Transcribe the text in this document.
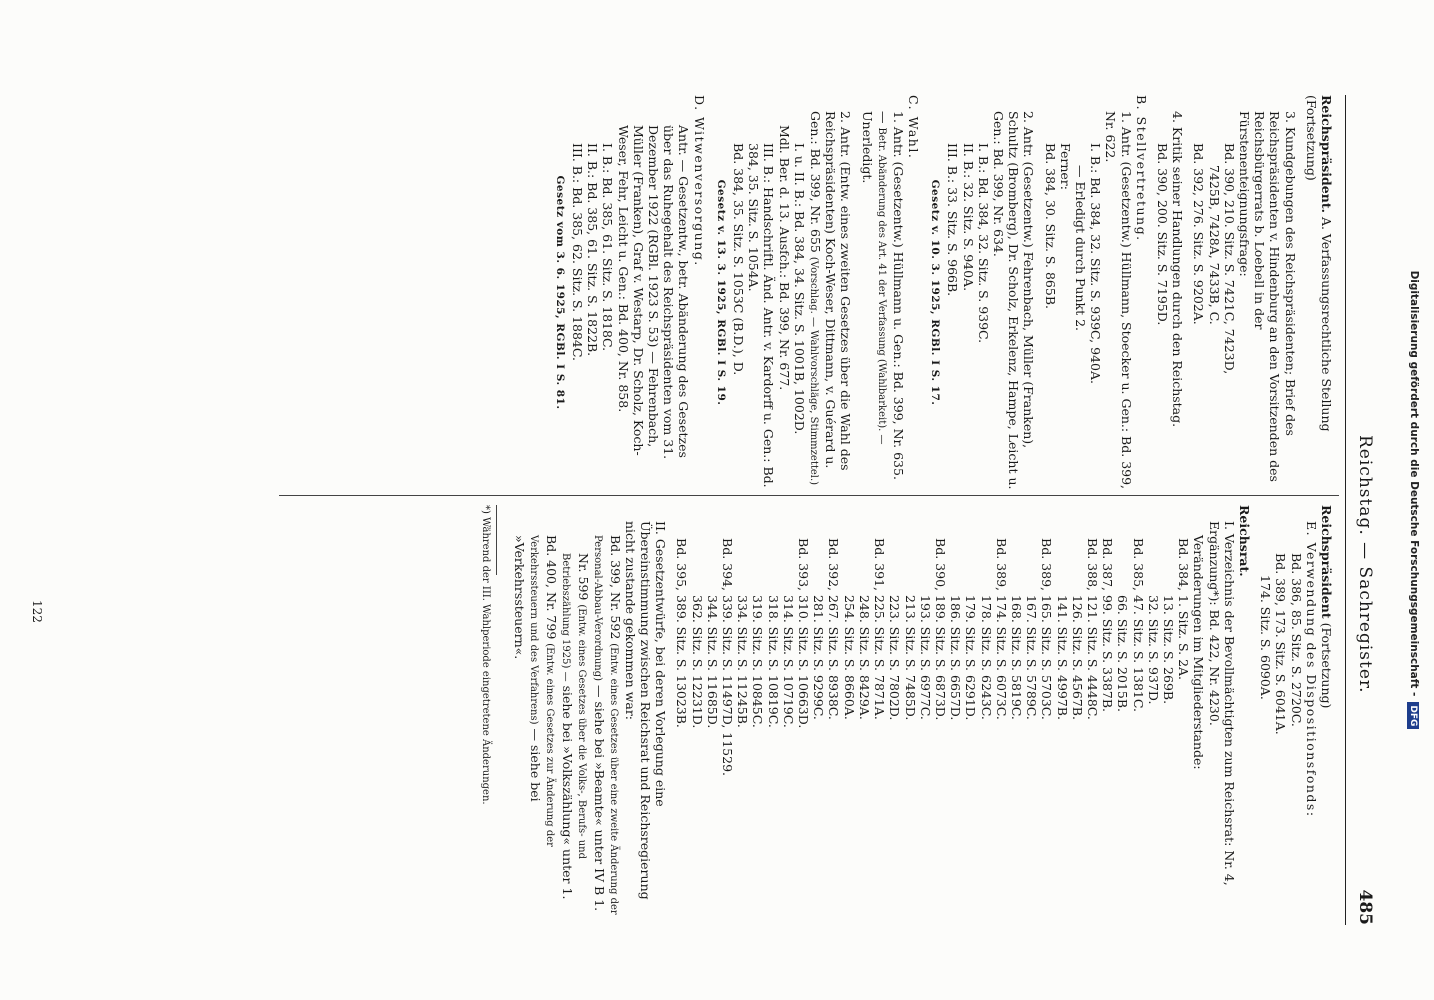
Digitalisierung gefördert durch die Deutsche Forschungsgemeinschaft -DFG
Reichstag. — Sachregister.
485

Reichspräsident. A. Verfassungsrechtliche Stellung (Fortsetzung)

3. Kundgebungen des Reichspräsidenten; Brief des Reichspräsidenten v. Hindenburg an den Vorsitzenden des Reichsbürgerrats b. Loebell in der Fürstenenteignungsfrage:

Bd. 390, 210. Sitz. S. 7421C, 7423D,

7425B, 7428A, 7433B, C.

Bd. 392, 276. Sitz. S. 9202A.

4. Kritik seiner Handlungen durch den Reichstag.

Bd. 390, 200. Sitz. S. 7195D.

B. Stellvertretung.

1. Antr. (Gesetzentw.) Hüllmann, Stoecker u. Gen.: Bd. 399, Nr. 622.

I. B.: Bd. 384, 32. Sitz. S. 939C, 940A.

— Erledigt durch Punkt 2.

Ferner:

Bd. 384, 30. Sitz. S. 865B.

2. Antr. (Gesetzentw.) Fehrenbach, Müller (Franken), Schultz (Bromberg), Dr. Scholz, Erkelenz, Hampe, Leicht u. Gen.: Bd. 399, Nr. 634.

I. B.: Bd. 384, 32. Sitz. S. 939C.

II. B.: 32. Sitz. S. 940A.

III. B.: 33. Sitz. S. 966B.

Gesetz v. 10. 3. 1925, RGBl. I S. 17.

C. Wahl.

1. Antr. (Gesetzentw.) Hüllmann u. Gen.: Bd. 399, Nr. 635. — Betr. Abänderung des Art. 41 der Verfassung (Wahlbarkeit). — Unerledigt.

2. Antr. (Entw. eines zweiten Gesetzes über die Wahl des Reichspräsidenten) Koch-Weser, Dittmann, v. Guérard u. Gen.: Bd. 399, Nr. 655 (Vorschlag. — Wahlvorschläge, Stimmzettel.)

I. u. II. B.: Bd. 384, 34. Sitz. S. 1001B, 1002D.

Mdl. Ber. d. 13. Ausfch.: Bd. 399, Nr. 677.

III. B.: Handschriftl. Änd. Antr. v. Kardorff u. Gen.: Bd. 384, 35. Sitz. S. 1054A.

Bd. 384, 35. Sitz. S. 1053C (B.D.), D.

Gesetz v. 13. 3. 1925, RGBl. I S. 19.

D. Witwenversorgung.

Antr. — Gesetzentw., betr. Abänderung des Gesetzes über das Ruhegehalt des Reichspräsidenten vom 31. Dezember 1922 (RGBl. 1923 S. 53) — Fehrenbach, Müller (Franken), Graf v. Westarp, Dr. Scholz, Koch-Weser, Fehr, Leicht u. Gen.: Bd. 400, Nr. 858.

I. B.: Bd. 385, 61. Sitz. S. 1818C.

II. B.: Bd. 385, 61. Sitz. S. 1822B.

III. B.: Bd. 385, 62. Sitz. S. 1884C.

Gesetz vom 3. 6. 1925, RGBl. I S. 81.

Reichspräsident (Fortsetzung)

E. Verwendung des Dispositionsfonds:

Bd. 386, 85. Sitz. S. 2720C.

Bd. 389, 173. Sitz. S. 6041A.

174. Sitz. S. 6090A.

Reichsrat.

I. Verzeichnis der Bevollmächtigten zum Reichsrat: Nr. 4, Ergänzung*): Bd. 422, Nr. 4230.

Veränderungen im Mitgliederstande:

Bd. 384,
1. Sitz. S. 2A.
13. Sitz. S. 269B.
32. Sitz. S. 937D.
Bd. 385,
47. Sitz. S. 1381C.
66. Sitz. S. 2015B.
Bd. 387,
99. Sitz. S. 3387B.
Bd. 388,
121. Sitz. S. 4448C.
126. Sitz. S. 4567B.
141. Sitz. S. 4997B.
Bd. 389,
165. Sitz. S. 5703C.
167. Sitz. S. 5789C.
168. Sitz. S. 5819C.
Bd. 389,
174. Sitz. S. 6073C.
178. Sitz. S. 6243C.
179. Sitz. S. 6291D.
186. Sitz. S. 6657D.
Bd. 390,
189. Sitz. S. 6873D.
193. Sitz. S. 6977C.
213. Sitz. S. 7485D.
223. Sitz. S. 7802D.
Bd. 391,
225. Sitz. S. 7871A.
248. Sitz. S. 8429A.
254. Sitz. S. 8660A.
Bd. 392,
267. Sitz. S. 8938C.
281. Sitz. S. 9299C.
Bd. 393,
310. Sitz. S. 10663D.
314. Sitz. S. 10719C.
318. Sitz. S. 10819C.
319. Sitz. S. 10845C.
334. Sitz. S. 11245B.
Bd. 394,
339. Sitz. S. 11497D, 11529.
344. Sitz. S. 11685D.
362. Sitz. S. 12231D.
Bd. 395,
389. Sitz. S. 13023B.

II. Gesetzentwürfe, bei deren Vorlegung eine Übereinstimmung zwischen Reichsrat und Reichsregierung nicht zustande gekommen war:

Bd. 399, Nr. 592 (Entw. eines Gesetzes über eine zweite Änderung der Personal-Abbau-Verordnung) — siehe bei »Beamte« unter IV B 1.

Nr. 599 (Entw. eines Gesetzes über die Volks-, Berufs- und Betriebszählung 1925) — siehe bei »Volkszählung« unter 1.

Bd. 400, Nr. 799 (Entw. eines Gesetzes zur Änderung der Verkehrssteuern und des Verfahrens) — siehe bei »Verkehrssteuern«.

*) Während der III. Wahlperiode eingetretene Änderungen.

122
